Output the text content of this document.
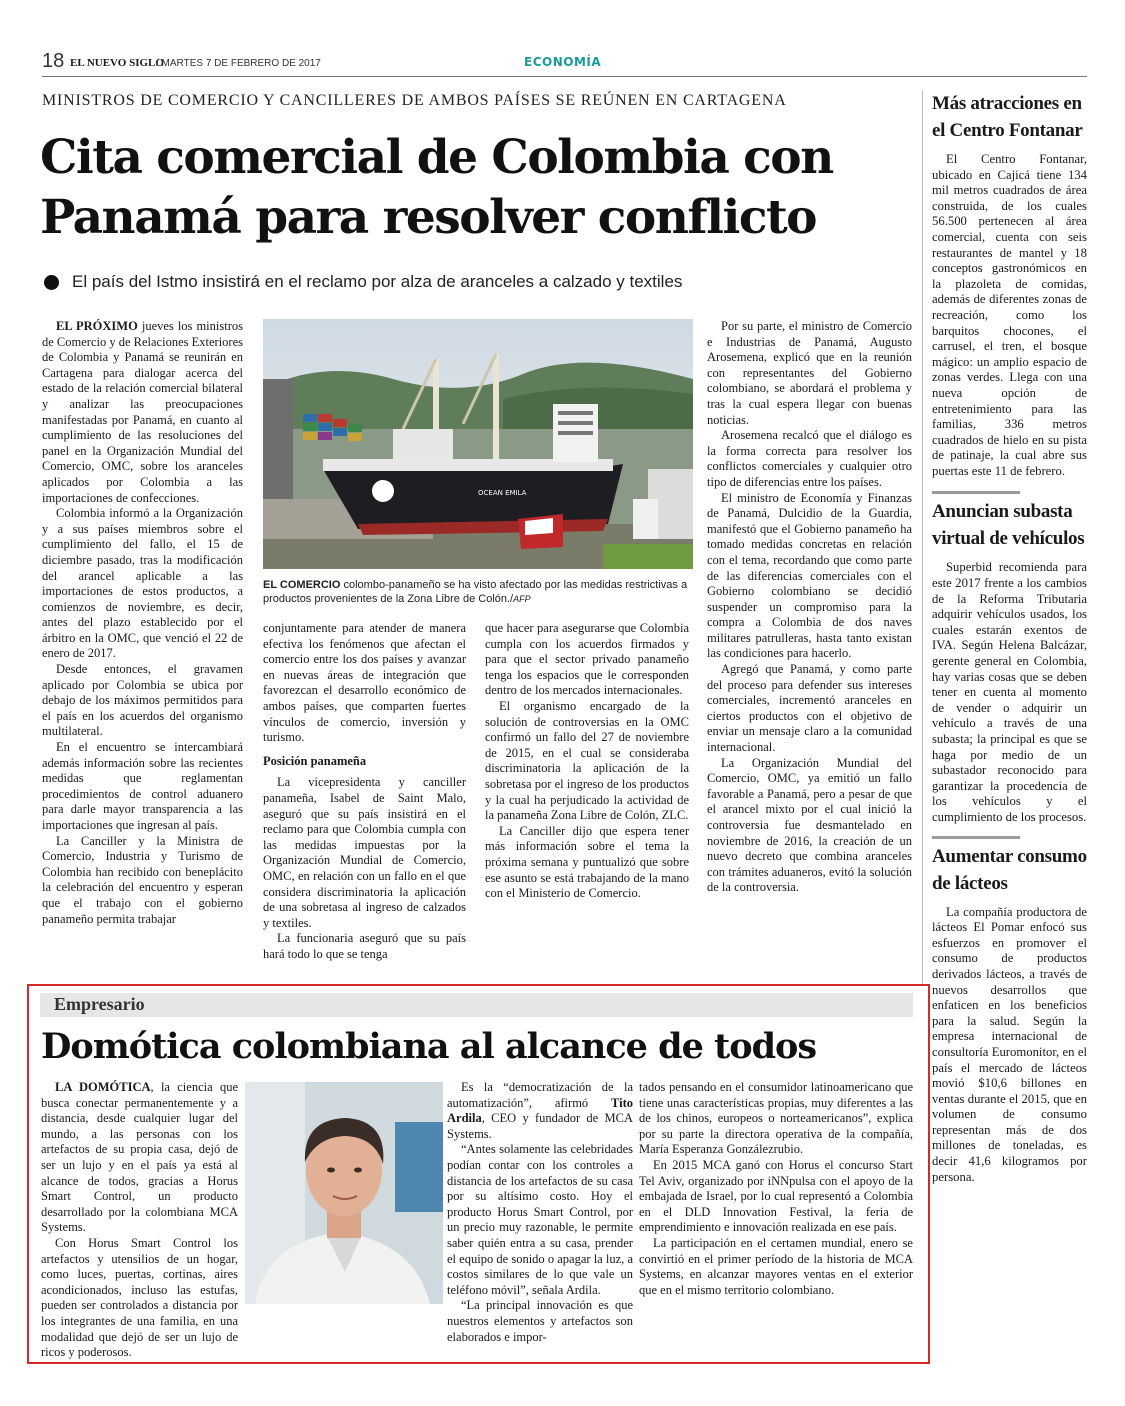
18 EL NUEVO SIGLO
/ MARTES 7 DE FEBRERO DE 2017	ECONOMÍA
MINISTROS DE COMERCIO Y CANCILLERES DE AMBOS PAÍSES SE REÚNEN EN CARTAGENA
Cita comercial de Colombia con
Panamá para resolver conflicto
El país del Istmo insistirá en el reclamo por alza de aranceles a calzado y textiles

EL PRÓXIMO jueves los ministros de Comercio y de Relaciones Exteriores de Colombia y Panamá se reunirán en Cartagena para dialogar acerca del estado de la relación comercial bilateral y analizar las preocupaciones manifestadas por Panamá, en cuanto al cumplimiento de las resoluciones del panel en la Organización Mundial del Comercio, OMC, sobre los aranceles aplicados por Colombia a las importaciones de confecciones.

Colombia informó a la Organización y a sus países miembros sobre el cumplimiento del fallo, el 15 de diciembre pasado, tras la modificación del arancel aplicable a las importaciones de estos productos, a comienzos de noviembre, es decir, antes del plazo establecido por el árbitro en la OMC, que venció el 22 de enero de 2017.

Desde entonces, el gravamen aplicado por Colombia se ubica por debajo de los máximos permitidos para el país en los acuerdos del organismo multilateral.

En el encuentro se intercambiará además información sobre las recientes medidas que reglamentan procedimientos de control aduanero para darle mayor transparencia a las importaciones que ingresan al país.

La Canciller y la Ministra de Comercio, Industria y Turismo de Colombia han recibido con beneplácito la celebración del encuentro y esperan que el trabajo con el gobierno panameño permita trabajar

OCEAN EMILA
EL COMERCIO colombo-panameño se ha visto afectado por las medidas restrictivas a productos provenientes de la Zona Libre de Colón./AFP

conjuntamente para atender de manera efectiva los fenómenos que afectan el comercio entre los dos países y avanzar en nuevas áreas de integración que favorezcan el desarrollo económico de ambos países, que comparten fuertes vínculos de comercio, inversión y turismo.

Posición panameña

La vicepresidenta y canciller panameña, Isabel de Saint Malo, aseguró que su país insistirá en el reclamo para que Colombia cumpla con las medidas impuestas por la Organización Mundial de Comercio, OMC, en relación con un fallo en el que considera discriminatoria la aplicación de una sobretasa al ingreso de calzados y textiles.

La funcionaria aseguró que su país hará todo lo que se tenga

que hacer para asegurarse que Colombia cumpla con los acuerdos firmados y para que el sector privado panameño tenga los espacios que le corresponden dentro de los mercados internacionales.

El organismo encargado de la solución de controversias en la OMC confirmó un fallo del 27 de noviembre de 2015, en el cual se consideraba discriminatoria la aplicación de la sobretasa por el ingreso de los productos y la cual ha perjudicado la actividad de la panameña Zona Libre de Colón, ZLC.

La Canciller dijo que espera tener más información sobre el tema la próxima semana y puntualizó que sobre ese asunto se está trabajando de la mano con el Ministerio de Comercio.

Por su parte, el ministro de Comercio e Industrias de Panamá, Augusto Arosemena, explicó que en la reunión con representantes del Gobierno colombiano, se abordará el problema y tras la cual espera llegar con buenas noticias.

Arosemena recalcó que el diálogo es la forma correcta para resolver los conflictos comerciales y cualquier otro tipo de diferencias entre los países.

El ministro de Economía y Finanzas de Panamá, Dulcidio de la Guardia, manifestó que el Gobierno panameño ha tomado medidas concretas en relación con el tema, recordando que como parte de las diferencias comerciales con el Gobierno colombiano se decidió suspender un compromiso para la compra a Colombia de dos naves militares patrulleras, hasta tanto existan las condiciones para hacerlo.

Agregó que Panamá, y como parte del proceso para defender sus intereses comerciales, incrementó aranceles en ciertos productos con el objetivo de enviar un mensaje claro a la comunidad internacional.

La Organización Mundial del Comercio, OMC, ya emitió un fallo favorable a Panamá, pero a pesar de que el arancel mixto por el cual inició la controversia fue desmantelado en noviembre de 2016, la creación de un nuevo decreto que combina aranceles con trámites aduaneros, evitó la solución de la controversia.

Más atracciones en el Centro Fontanar

El Centro Fontanar, ubicado en Cajicá tiene 134 mil metros cuadrados de área construida, de los cuales 56.500 pertenecen al área comercial, cuenta con seis restaurantes de mantel y 18 conceptos gastronómicos en la plazoleta de comidas, además de diferentes zonas de recreación, como los barquitos chocones, el carrusel, el tren, el bosque mágico: un amplio espacio de zonas verdes. Llega con una nueva opción de entretenimiento para las familias, 336 metros cuadrados de hielo en su pista de patinaje, la cual abre sus puertas este 11 de febrero.

Anuncian subasta virtual de vehículos

Superbid recomienda para este 2017 frente a los cambios de la Reforma Tributaria adquirir vehículos usados, los cuales estarán exentos de IVA. Según Helena Balcázar, gerente general en Colombia, hay varias cosas que se deben tener en cuenta al momento de vender o adquirir un vehículo a través de una subasta; la principal es que se haga por medio de un subastador reconocido para garantizar la procedencia de los vehículos y el cumplimiento de los procesos.

Aumentar consumo de lácteos

La compañía productora de lácteos El Pomar enfocó sus esfuerzos en promover el consumo de productos derivados lácteos, a través de nuevos desarrollos que enfaticen en los beneficios para la salud. Según la empresa internacional de consultoría Euromonitor, en el país el mercado de lácteos movió $10,6 billones en ventas durante el 2015, que en volumen de consumo representan más de dos millones de toneladas, es decir 41,6 kilogramos por persona.

Empresario
Domótica colombiana al alcance de todos

LA DOMÓTICA, la ciencia que busca conectar permanentemente y a distancia, desde cualquier lugar del mundo, a las personas con los artefactos de su propia casa, dejó de ser un lujo y en el país ya está al alcance de todos, gracias a Horus Smart Control, un producto desarrollado por la colombiana MCA Systems.

Con Horus Smart Control los artefactos y utensilios de un hogar, como luces, puertas, cortinas, aires acondicionados, incluso las estufas, pueden ser controlados a distancia por los integrantes de una familia, en una modalidad que dejó de ser un lujo de ricos y poderosos.

Es la “democratización de la automatización”, afirmó Tito Ardila, CEO y fundador de MCA Systems.

“Antes solamente las celebridades podían contar con los controles a distancia de los artefactos de su casa por su altísimo costo. Hoy el producto Horus Smart Control, por un precio muy razonable, le permite saber quién entra a su casa, prender el equipo de sonido o apagar la luz, a costos similares de lo que vale un teléfono móvil”, señala Ardila.

“La principal innovación es que nuestros elementos y artefactos son elaborados e impor-

tados pensando en el consumidor latinoamericano que tiene unas características propias, muy diferentes a las de los chinos, europeos o norteamericanos”, explica por su parte la directora operativa de la compañía, María Esperanza Gonzálezrubio.

En 2015 MCA ganó con Horus el concurso Start Tel Aviv, organizado por iNNpulsa con el apoyo de la embajada de Israel, por lo cual representó a Colombia en el DLD Innovation Festival, la feria de emprendimiento e innovación realizada en ese país.

La participación en el certamen mundial, enero se convirtió en el primer período de la historia de MCA Systems, en alcanzar mayores ventas en el exterior que en el mismo territorio colombiano.
